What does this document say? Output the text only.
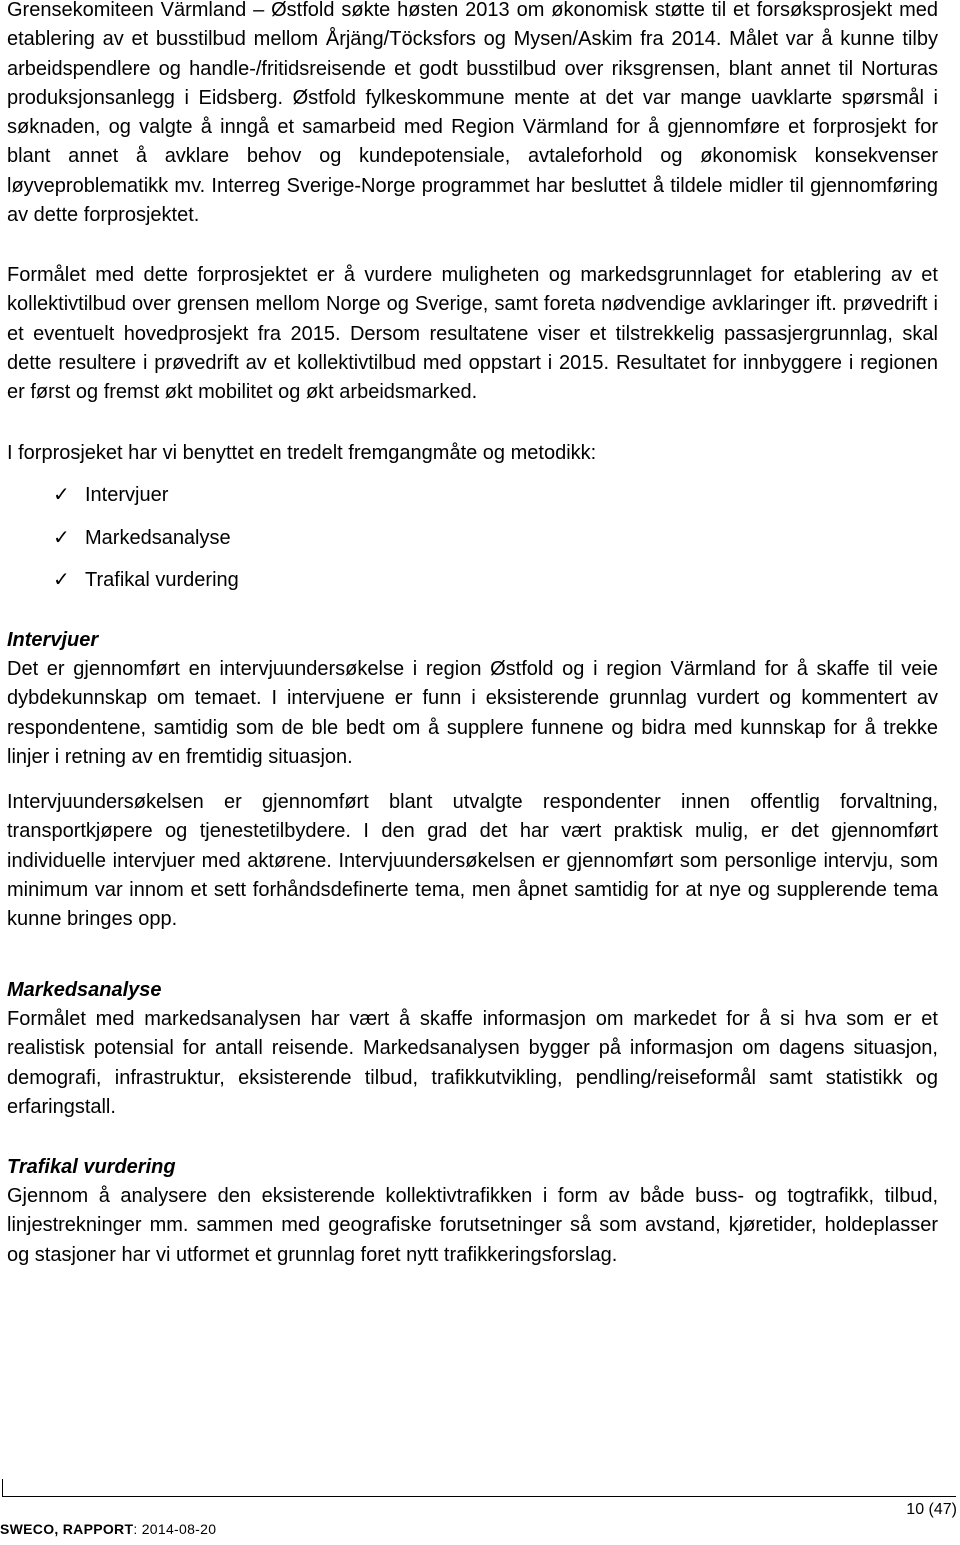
Grensekomiteen Värmland – Østfold søkte høsten 2013 om økonomisk støtte til et forsøksprosjekt med etablering av et busstilbud mellom Årjäng/Töcksfors og Mysen/Askim fra 2014. Målet var å kunne tilby arbeidspendlere og handle-/fritidsreisende et godt busstilbud over riksgrensen, blant annet til Norturas produksjonsanlegg i Eidsberg. Østfold fylkeskommune mente at det var mange uavklarte spørsmål i søknaden, og valgte å inngå et samarbeid med Region Värmland for å gjennomføre et forprosjekt for blant annet å avklare behov og kundepotensiale, avtaleforhold og økonomisk konsekvenser løyveproblematikk mv. Interreg Sverige-Norge programmet har besluttet å tildele midler til gjennomføring av dette forprosjektet.

Formålet med dette forprosjektet er å vurdere muligheten og markedsgrunnlaget for etablering av et kollektivtilbud over grensen mellom Norge og Sverige, samt foreta nødvendige avklaringer ift. prøvedrift i et eventuelt hovedprosjekt fra 2015. Dersom resultatene viser et tilstrekkelig passasjergrunnlag, skal dette resultere i prøvedrift av et kollektivtilbud med oppstart i 2015. Resultatet for innbyggere i regionen er først og fremst økt mobilitet og økt arbeidsmarked.

I forprosjeket har vi benyttet en tredelt fremgangmåte og metodikk:

✓ Intervjuer
✓ Markedsanalyse
✓ Trafikal vurdering

Intervjuer

Det er gjennomført en intervjuundersøkelse i region Østfold og i region Värmland for å skaffe til veie dybdekunnskap om temaet. I intervjuene er funn i eksisterende grunnlag vurdert og kommentert av respondentene, samtidig som de ble bedt om å supplere funnene og bidra med kunnskap for å trekke linjer i retning av en fremtidig situasjon.

Intervjuundersøkelsen er gjennomført blant utvalgte respondenter innen offentlig forvaltning, transportkjøpere og tjenestetilbydere. I den grad det har vært praktisk mulig, er det gjennomført individuelle intervjuer med aktørene. Intervjuundersøkelsen er gjennomført som personlige intervju, som minimum var innom et sett forhåndsdefinerte tema, men åpnet samtidig for at nye og supplerende tema kunne bringes opp.

Markedsanalyse

Formålet med markedsanalysen har vært å skaffe informasjon om markedet for å si hva som er et realistisk potensial for antall reisende. Markedsanalysen bygger på informasjon om dagens situasjon, demografi, infrastruktur, eksisterende tilbud, trafikkutvikling, pendling/reiseformål samt statistikk og erfaringstall.

Trafikal vurdering

Gjennom å analysere den eksisterende kollektivtrafikken i form av både buss- og togtrafikk, tilbud, linjestrekninger mm. sammen med geografiske forutsetninger så som avstand, kjøretider, holdeplasser og stasjoner har vi utformet et grunnlag foret nytt trafikkeringsforslag.

10 (47)
SWECO, RAPPORT: 2014-08-20
